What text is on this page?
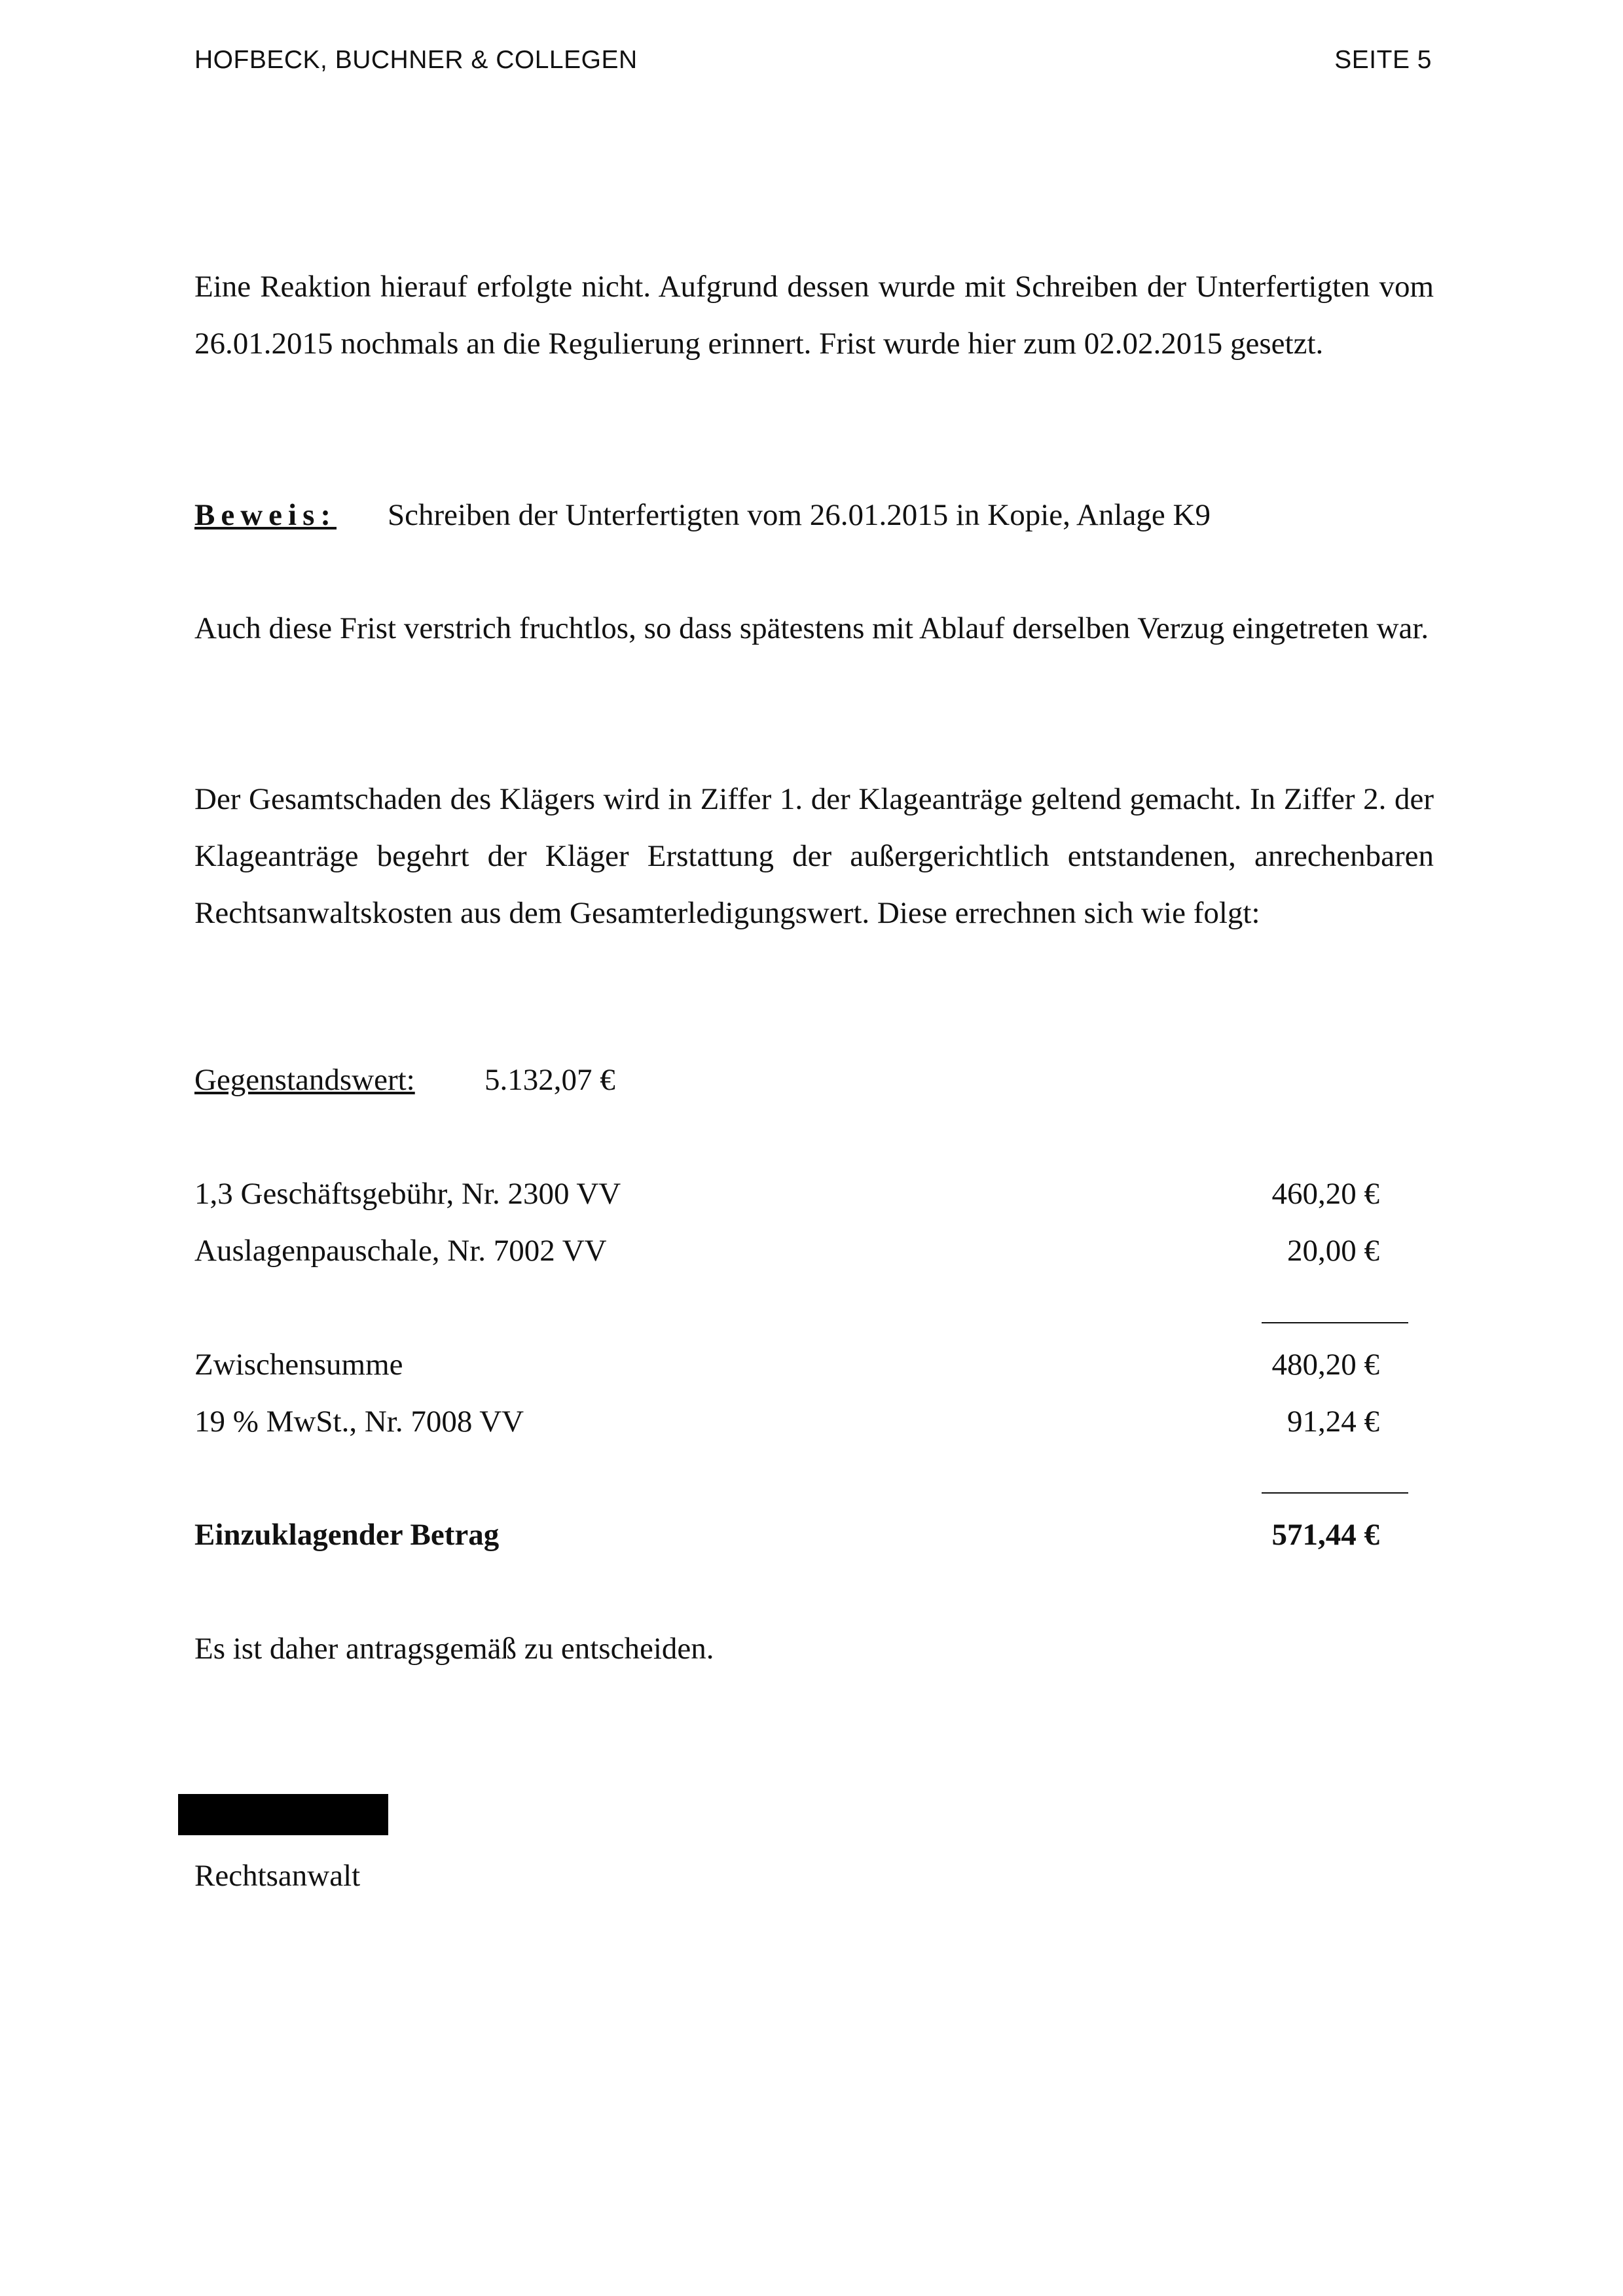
HOFBECK, BUCHNER & COLLEGEN	SEITE 5
Eine Reaktion hierauf erfolgte nicht. Aufgrund dessen wurde mit Schreiben der Unterfertigten vom 26.01.2015 nochmals an die Regulierung erinnert. Frist wurde hier zum 02.02.2015 gesetzt.
Beweis: Schreiben der Unterfertigten vom 26.01.2015 in Kopie, Anlage K9
Auch diese Frist verstrich fruchtlos, so dass spätestens mit Ablauf derselben Verzug eingetreten war.
Der Gesamtschaden des Klägers wird in Ziffer 1. der Klageanträge geltend gemacht. In Ziffer 2. der Klageanträge begehrt der Kläger Erstattung der außergerichtlich entstandenen, anrechenbaren Rechtsanwaltskosten aus dem Gesamterledigungswert. Diese errechnen sich wie folgt:
Gegenstandswert: 5.132,07 €
1,3 Geschäftsgebühr, Nr. 2300 VV	460,20 €
Auslagenpauschale, Nr. 7002 VV	20,00 €
Zwischensumme	480,20 €
19 % MwSt., Nr. 7008 VV	91,24 €
Einzuklagender Betrag	571,44 €
Es ist daher antragsgemäß zu entscheiden.
Rechtsanwalt
